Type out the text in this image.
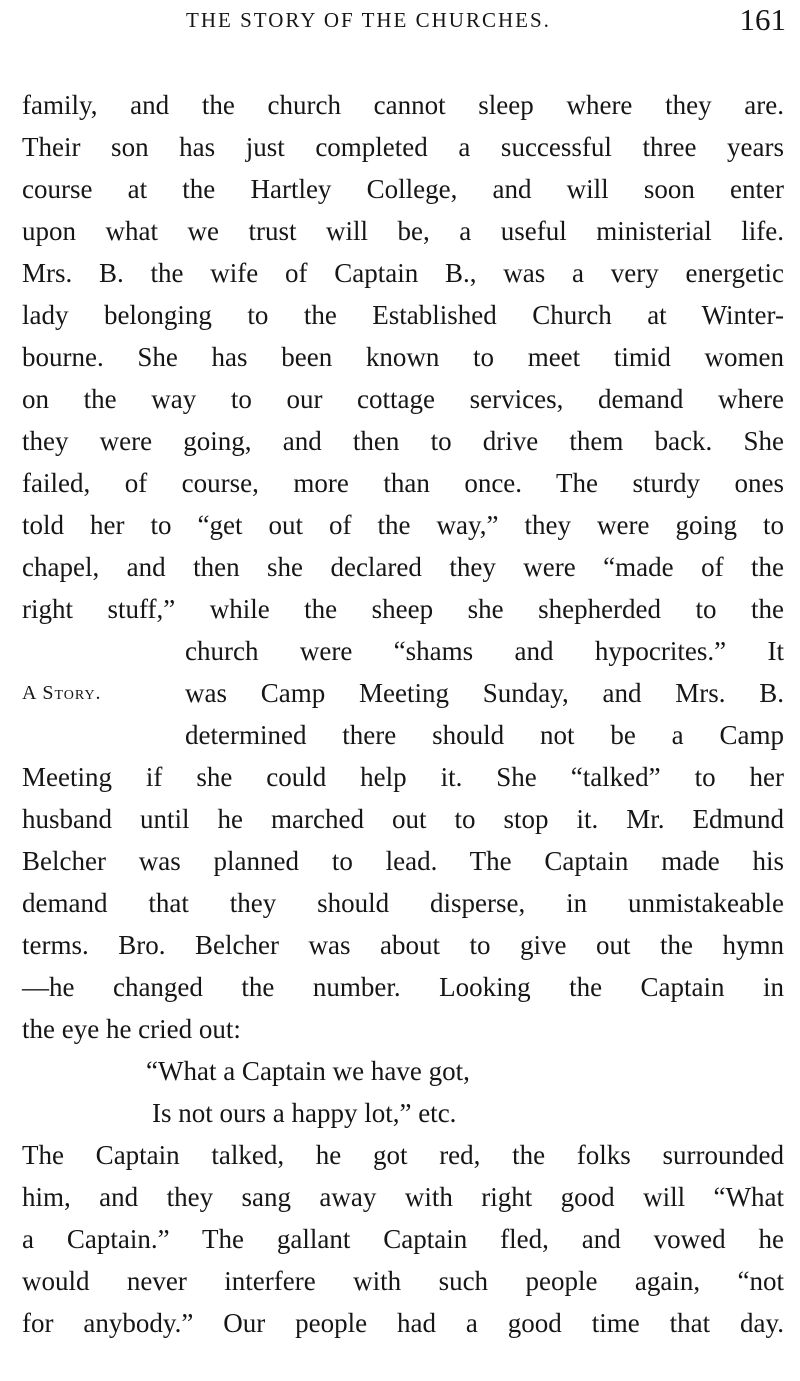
THE STORY OF THE CHURCHES.	161
family, and the church cannot sleep where they are.
Their son has just completed a successful three years
course at the Hartley College, and will soon enter
upon what we trust will be, a useful ministerial life.
Mrs. B. the wife of Captain B., was a very energetic
lady belonging to the Established Church at Winter-
bourne. She has been known to meet timid women
on the way to our cottage services, demand where
they were going, and then to drive them back. She
failed, of course, more than once. The sturdy ones
told her to “get out of the way,” they were going to
chapel, and then she declared they were “made of the
right stuff,” while the sheep she shepherded to the
church were “shams and hypocrites.” It
A Story.	was Camp Meeting Sunday, and Mrs. B.
determined there should not be a Camp
Meeting if she could help it. She “talked” to her
husband until he marched out to stop it. Mr. Edmund
Belcher was planned to lead. The Captain made his
demand that they should disperse, in unmistakeable
terms. Bro. Belcher was about to give out the hymn
—he changed the number. Looking the Captain in
the eye he cried out:
“What a Captain we have got,
Is not ours a happy lot,” etc.
The Captain talked, he got red, the folks surrounded
him, and they sang away with right good will “What
a Captain.” The gallant Captain fled, and vowed he
would never interfere with such people again, “not
for anybody.” Our people had a good time that day.
